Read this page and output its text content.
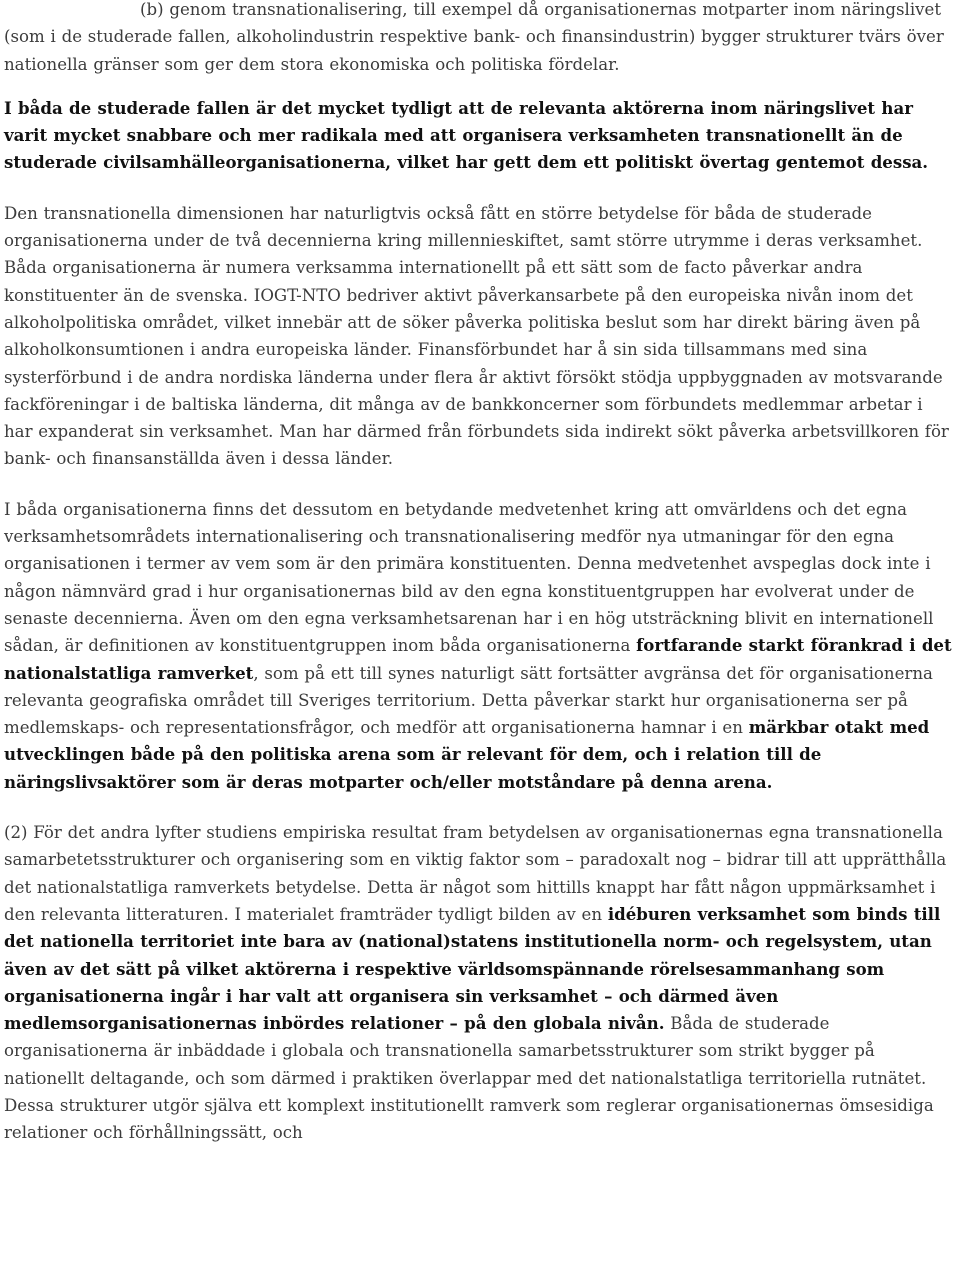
(b) genom transnationalisering, till exempel då organisationernas motparter inom näringslivet (som i de studerade fallen, alkoholindustrin respektive bank- och finansindustrin) bygger strukturer tvärs över nationella gränser som ger dem stora ekonomiska och politiska fördelar.

I båda de studerade fallen är det mycket tydligt att de relevanta aktörerna inom näringslivet har varit mycket snabbare och mer radikala med att organisera verksamheten transnationellt än de studerade civilsamhälleorganisationerna, vilket har gett dem ett politiskt övertag gentemot dessa.

Den transnationella dimensionen har naturligtvis också fått en större betydelse för båda de studerade organisationerna under de två decennierna kring millennieskiftet, samt större utrymme i deras verksamhet. Båda organisationerna är numera verksamma internationellt på ett sätt som de facto påverkar andra konstituenter än de svenska. IOGT-NTO bedriver aktivt påverkansarbete på den europeiska nivån inom det alkoholpolitiska området, vilket innebär att de söker påverka politiska beslut som har direkt bäring även på alkoholkonsumtionen i andra europeiska länder. Finansförbundet har å sin sida tillsammans med sina systerförbund i de andra nordiska länderna under flera år aktivt försökt stödja uppbyggnaden av motsvarande fackföreningar i de baltiska länderna, dit många av de bankkoncerner som förbundets medlemmar arbetar i har expanderat sin verksamhet. Man har därmed från förbundets sida indirekt sökt påverka arbetsvillkoren för bank- och finansanställda även i dessa länder.

I båda organisationerna finns det dessutom en betydande medvetenhet kring att omvärldens och det egna verksamhetsområdets internationalisering och transnationalisering medför nya utmaningar för den egna organisationen i termer av vem som är den primära konstituenten. Denna medvetenhet avspeglas dock inte i någon nämnvärd grad i hur organisationernas bild av den egna konstituentgruppen har evolverat under de senaste decennierna. Även om den egna verksamhetsarenan har i en hög utsträckning blivit en internationell sådan, är definitionen av konstituentgruppen inom båda organisationerna fortfarande starkt förankrad i det nationalstatliga ramverket, som på ett till synes naturligt sätt fortsätter avgränsa det för organisationerna relevanta geografiska området till Sveriges territorium. Detta påverkar starkt hur organisationerna ser på medlemskaps- och representationsfrågor, och medför att organisationerna hamnar i en märkbar otakt med utvecklingen både på den politiska arena som är relevant för dem, och i relation till de näringslivsaktörer som är deras motparter och/eller motståndare på denna arena.

(2) För det andra lyfter studiens empiriska resultat fram betydelsen av organisationernas egna transnationella samarbetetsstrukturer och organisering som en viktig faktor som – paradoxalt nog – bidrar till att upprätthålla det nationalstatliga ramverkets betydelse. Detta är något som hittills knappt har fått någon uppmärksamhet i den relevanta litteraturen. I materialet framträder tydligt bilden av en idéburen verksamhet som binds till det nationella territoriet inte bara av (national)statens institutionella norm- och regelsystem, utan även av det sätt på vilket aktörerna i respektive världsomspännande rörelsesammanhang som organisationerna ingår i har valt att organisera sin verksamhet – och därmed även medlemsorganisationernas inbördes relationer – på den globala nivån. Båda de studerade organisationerna är inbäddade i globala och transnationella samarbetsstrukturer som strikt bygger på nationellt deltagande, och som därmed i praktiken överlappar med det nationalstatliga territoriella rutnätet. Dessa strukturer utgör själva ett komplext institutionellt ramverk som reglerar organisationernas ömsesidiga relationer och förhållningssätt, och
